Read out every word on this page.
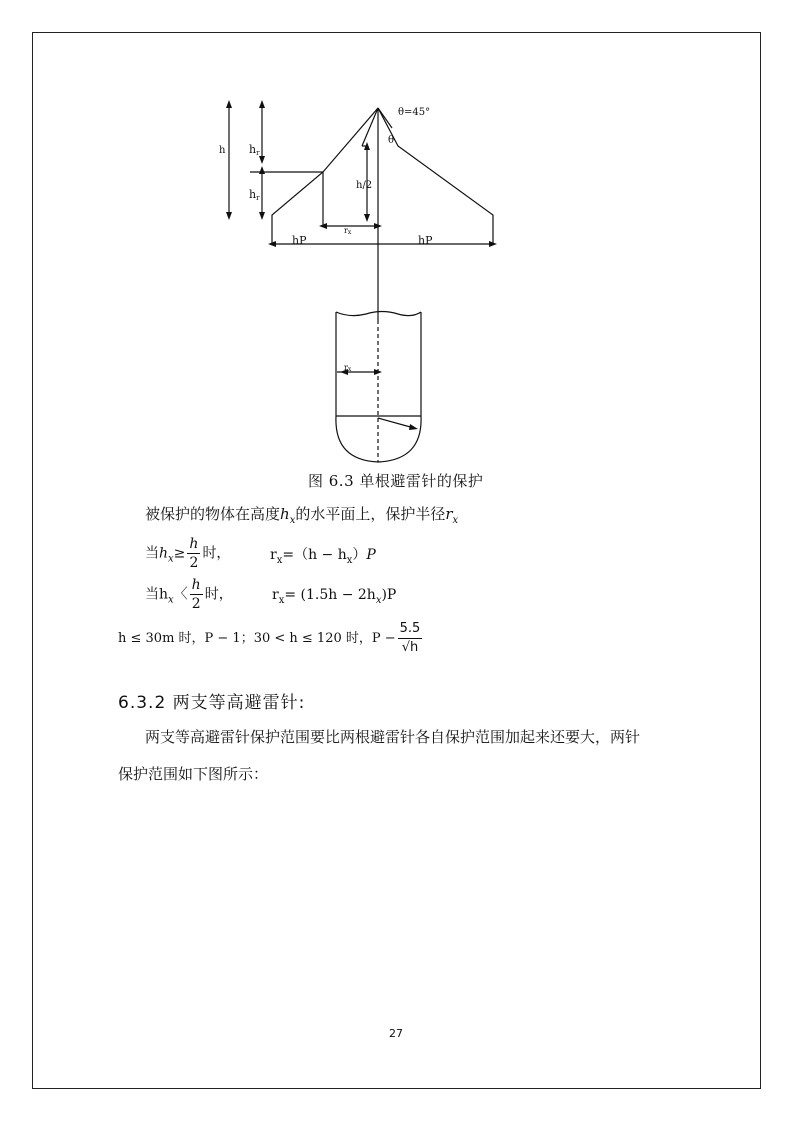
θ=45°
θ
h hr
hr
h/2
rx
hP	hP
rx
图 6.3 单根避雷针的保护
被保护的物体在高度$h_x$的水平面上，保护半径$r_x$
当$h_x\ge \frac{h}{2}$ 时，	$r_x=(h - h_x)P$
当$h_x$〈 $\frac{h}{2}$ 时，	$r_x= (1.5h - 2h_x)P$
h ≤ 30m 时，P − 1；30 < h ≤ 120 时，$P - \frac{5.5}{√h}$
6.3.2 两支等高避雷针:
两支等高避雷针保护范围要比两根避雷针各自保护范围加起来还要大，两针
保护范围如下图所示：
27
